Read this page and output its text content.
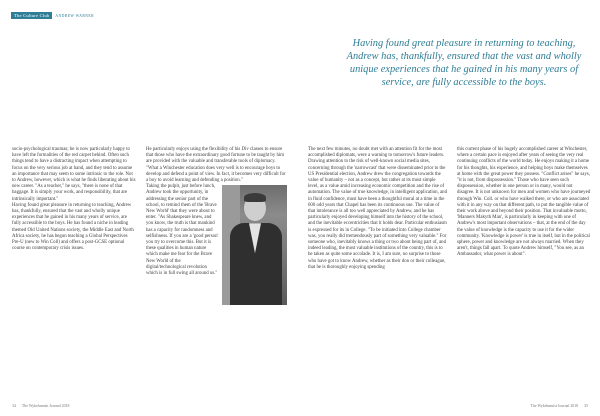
The Culture Club	ANDREW WARNER
Having found great pleasure in returning to teaching, Andrew has, thankfully, ensured that the vast and wholly unique experiences that he gained in his many years of service, are fully accessible to the boys.

socio-psychological traumas; he is now particularly happy to have left the formalities of the red carpet behind. Often such things tend to have a distracting impact when attempting to focus on the very serious job at hand, and they tend to assume an importance that may seem to some intrinsic to the role. Not to Andrew, however, which is what he finds liberating about his new career. "As a teacher," he says, "there is none of that baggage. It is simply your work, and responsibility, that are intrinsically important."

Having found great pleasure in returning to teaching, Andrew has, thankfully, ensured that the vast and wholly unique experiences that he gained in his many years of service, are fully accessible to the boys. He has found a niche in leading themed Old United Nations society, the Middle East and North Africa society, he has begun teaching a Global Perspectives Pre-U (new to Win Coll) and offers a post-GCSE optional course on contemporary crisis issues.

He particularly enjoys using the flexibility of his Div classes to ensure that those who have the extraordinary good fortune to be taught by him are provided with the valuable and transferable tools of diplomacy. "What a Winchester education does very well is to encourage boys to develop and defend a point of view. In fact, it becomes very difficult for a boy to avoid learning and defending a position."

Taking the pulpit, just before lunch, Andrew took the opportunity, in addressing the senior part of the school, to remind them of the 'Brave New World' that they were about to enter. "As Shakespeare knew, and you know, the truth is that mankind has a capacity for randomness and selfishness. If you are a 'good person' you try to overcome this. But it is these qualities in human nature which make me fear for the Brave New World of the digital/technological revolution which is in full swing all around us."

The next few minutes, no doubt met with an attention fit for the most accomplished diplomats, were a warning to tomorrow's future leaders. Drawing attention to the risk of well-known social media sites, concerning through the 'narrowcast' that were disseminated prior to the US Presidential election, Andrew drew the congregation towards the value of humanity – not as a concept, but rather at its most simple level, as a value amid increasing economic competition and the rise of automation. The value of true knowledge, in intelligent application, and in fluid confidence, must have been a thoughtful moral at a time in the 600 odd years that Chapel has been its continuous use. The value of that intolerance is all too well appreciated by Andrew, and he has particularly enjoyed developing himself into the history of the school, and the inevitable eccentricities that it holds dear. Particular enthusiasm is expressed for its in College. "To be initiated into College chamber was, you really did tremendously part of something very valuable." For someone who, inevitably knows a thing or two about being part of, and indeed leading, the most valuable institutions of the country, this is to be taken as quite some accolade. It is, I am sure, no surprise to those who have got to know Andrew, whether as their don or their colleague, that he is thoroughly enjoying spending

this current phase of his hugely accomplished career at Winchester, where a certain pace is enjoyed after years of seeing the very real continuing conflicts of the world today. He enjoys making it a home for his thoughts, his experience, and helping boys make themselves at home with the great power they possess. "Conflict arises" he says, "it is not, from dispossession." Those who have seen such dispossession, whether in one person or in many, would not disagree. It is not unknown for men and women who have journeyed through Win. Coll. or who have walked there, or who are associated with it in any way on that different path, to put the tangible value of their work above and beyond their position. That invaluable motto, 'Manners Makyth Man', is particularly in keeping with one of Andrew's most important observations – that, at the end of the day the value of knowledge is the capacity to use it for the wider community. 'Knowledge is power' is true in itself, but in the political sphere, power and knowledge are not always married. When they aren't, things fall apart. To quote Andrew himself, "You see, as an Ambassador, what power is about".

34 The Wykehamist Journal 2018	The Wykehamist Journal 2018 35
